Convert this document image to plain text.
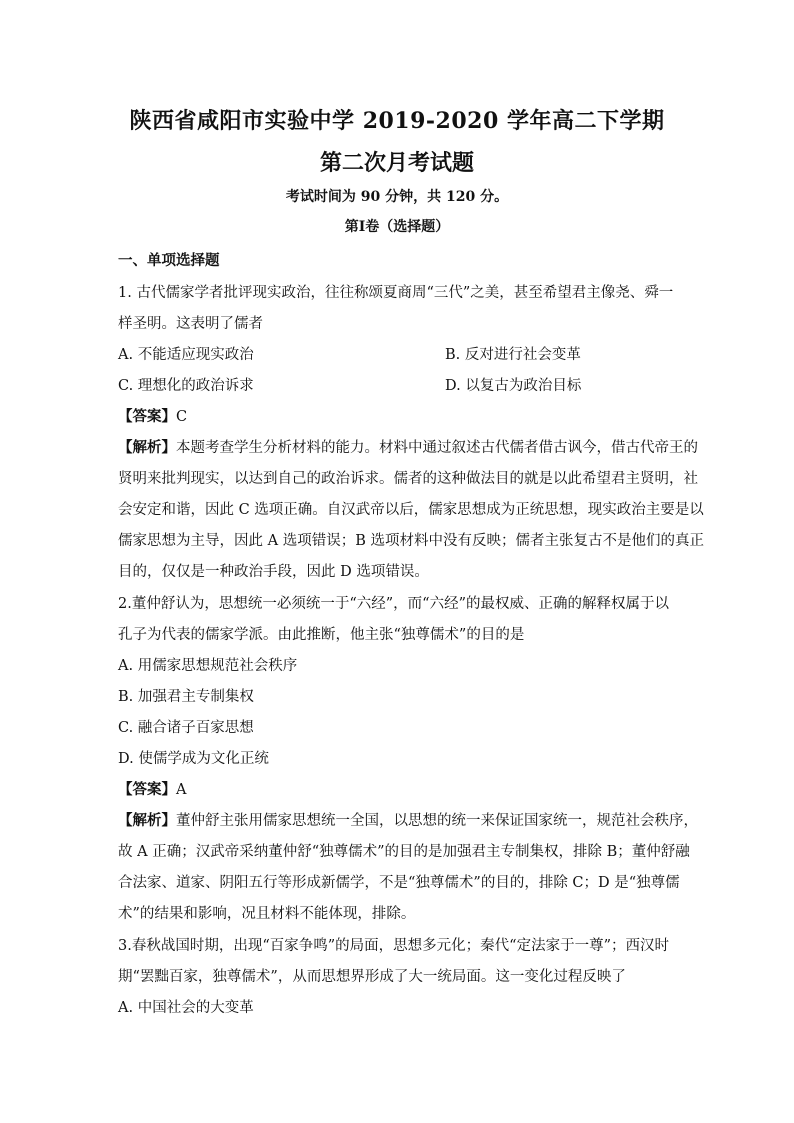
陕西省咸阳市实验中学 2019-2020 学年高二下学期
第二次月考试题
考试时间为 90 分钟，共 120 分。
第Ⅰ卷（选择题）
一、单项选择题
1. 古代儒家学者批评现实政治，往往称颂夏商周“三代”之美，甚至希望君主像尧、舜一
样圣明。这表明了儒者
A. 不能适应现实政治	B. 反对进行社会变革
C. 理想化的政治诉求	D. 以复古为政治目标
【答案】C
【解析】本题考查学生分析材料的能力。材料中通过叙述古代儒者借古讽今，借古代帝王的
贤明来批判现实，以达到自己的政治诉求。儒者的这种做法目的就是以此希望君主贤明，社
会安定和谐，因此 C 选项正确。自汉武帝以后，儒家思想成为正统思想，现实政治主要是以
儒家思想为主导，因此 A 选项错误；B 选项材料中没有反映；儒者主张复古不是他们的真正
目的，仅仅是一种政治手段，因此 D 选项错误。
2.董仲舒认为，思想统一必须统一于“六经”，而“六经”的最权威、正确的解释权属于以
孔子为代表的儒家学派。由此推断，他主张“独尊儒术”的目的是
A. 用儒家思想规范社会秩序
B. 加强君主专制集权
C. 融合诸子百家思想
D. 使儒学成为文化正统
【答案】A
【解析】董仲舒主张用儒家思想统一全国，以思想的统一来保证国家统一，规范社会秩序，
故 A 正确；汉武帝采纳董仲舒“独尊儒术”的目的是加强君主专制集权，排除 B；董仲舒融
合法家、道家、阴阳五行等形成新儒学，不是“独尊儒术”的目的，排除 C；D 是“独尊儒
术”的结果和影响，况且材料不能体现，排除。
3.春秋战国时期，出现“百家争鸣”的局面，思想多元化；秦代“定法家于一尊”；西汉时
期“罢黜百家，独尊儒术”，从而思想界形成了大一统局面。这一变化过程反映了
A. 中国社会的大变革
